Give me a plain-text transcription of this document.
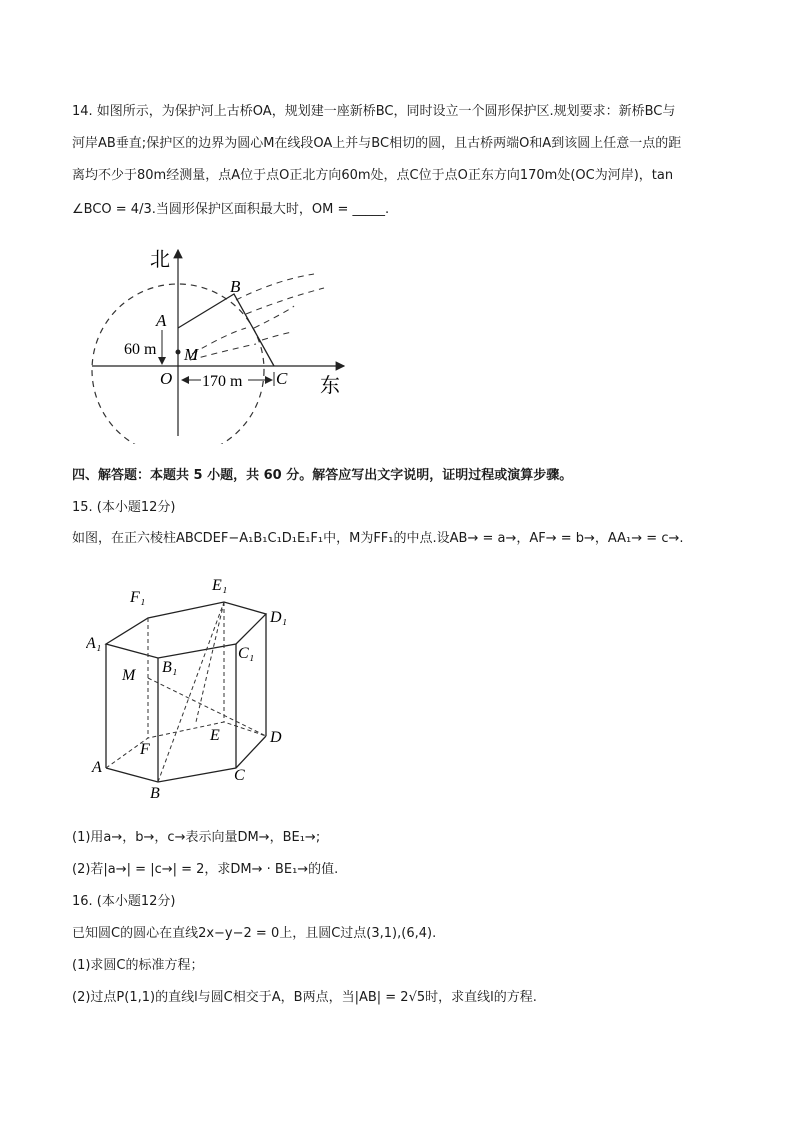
14. 如图所示，为保护河上古桥OA，规划建一座新桥BC，同时设立一个圆形保护区.规划要求：新桥BC与
河岸AB垂直;保护区的边界为圆心M在线段OA上并与BC相切的圆，且古桥两端O和A到该圆上任意一点的距
离均不少于80m经测量，点A位于点O正北方向60m处，点C位于点O正东方向170m处(OC为河岸)，tan
∠BCO = 4/3.当圆形保护区面积最大时，OM = _____.
北
东
A
B
M
O	C
60 m
170 m
四、解答题：本题共 5 小题，共 60 分。解答应写出文字说明，证明过程或演算步骤。
15. (本小题12分)
如图，在正六棱柱ABCDEF−A₁B₁C₁D₁E₁F₁中，M为FF₁的中点.设AB→ = a→，AF→ = b→，AA₁→ = c→.
F₁
E₁
D₁
A₁
B₁
C₁
M
F
E	D
A
B
C
(1)用a→，b→，c→表示向量DM→，BE₁→;
(2)若|a→| = |c→| = 2，求DM→ · BE₁→的值.
16. (本小题12分)
已知圆C的圆心在直线2x−y−2 = 0上，且圆C过点(3,1),(6,4).
(1)求圆C的标准方程；
(2)过点P(1,1)的直线l与圆C相交于A，B两点，当|AB| = 2√5时，求直线l的方程.
